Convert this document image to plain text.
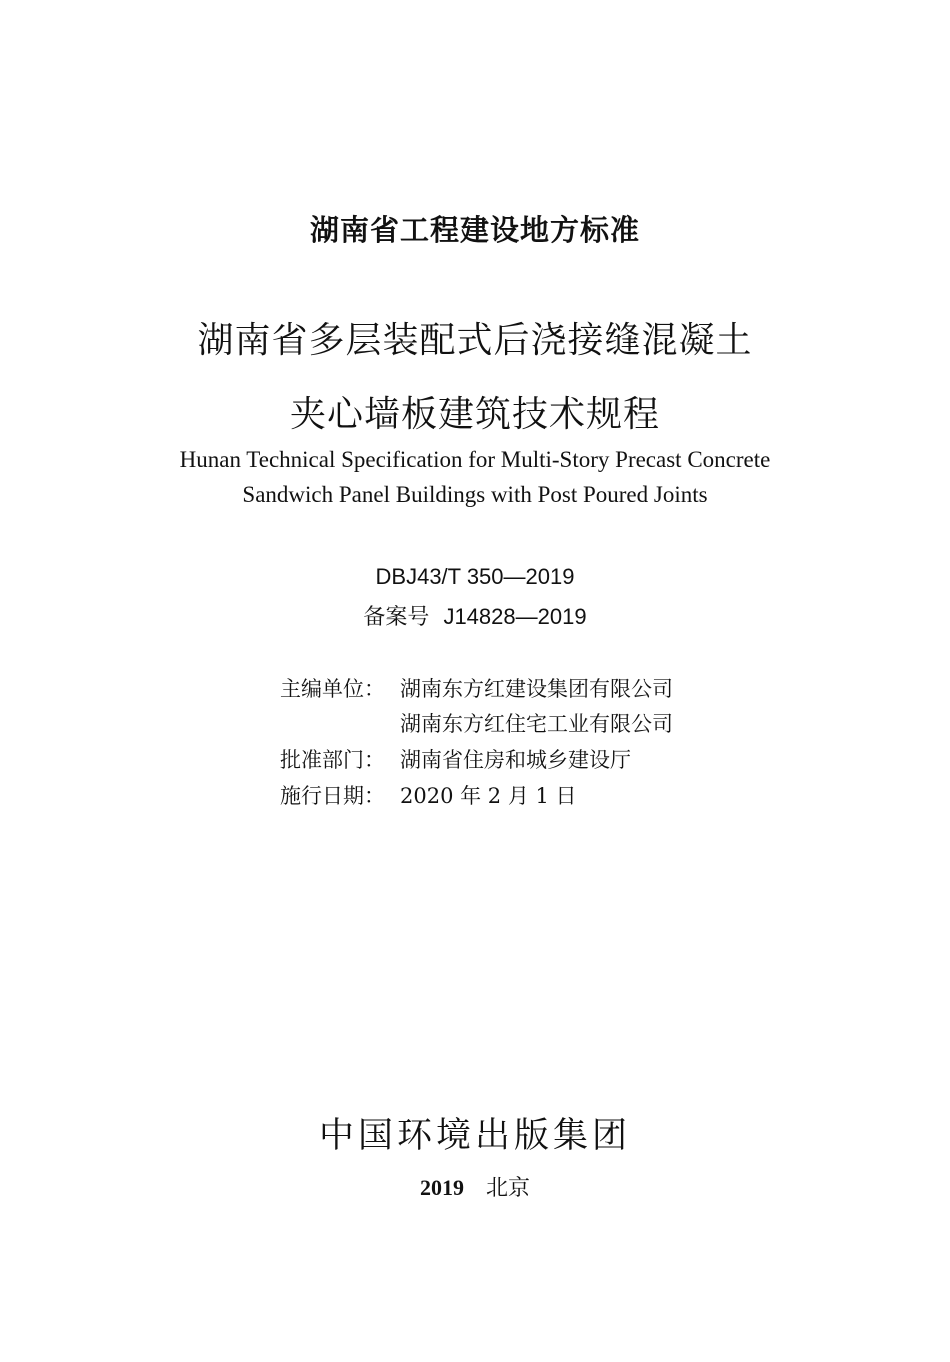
湖南省工程建设地方标准
湖南省多层装配式后浇接缝混凝土
夹心墙板建筑技术规程
Hunan Technical Specification for Multi-Story Precast Concrete
Sandwich Panel Buildings with Post Poured Joints
DBJ43/T 350—2019
备案号 J14828—2019
主编单位： 湖南东方红建设集团有限公司
湖南东方红住宅工业有限公司
批准部门： 湖南省住房和城乡建设厅
施行日期： 2020 年 2 月 1 日
中国环境出版集团
2019 北京
